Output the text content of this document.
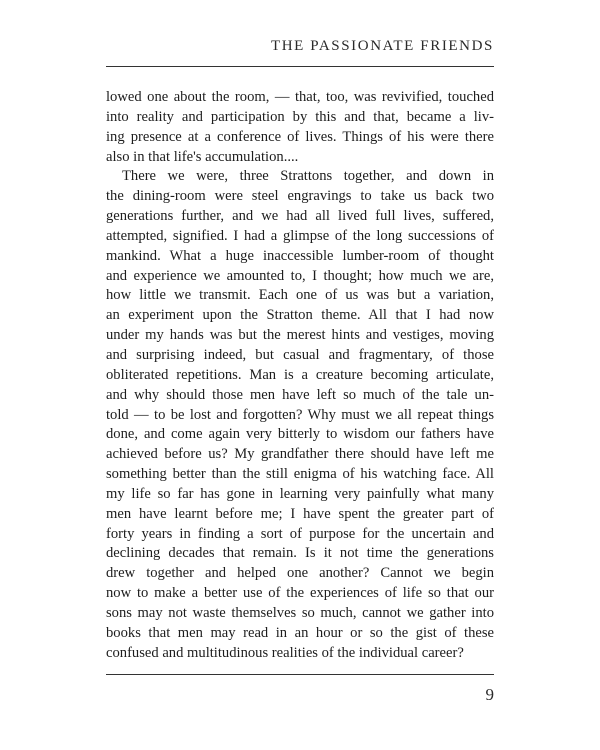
THE PASSIONATE FRIENDS
lowed one about the room, — that, too, was revivified, touched
into reality and participation by this and that, became a liv-
ing presence at a conference of lives. Things of his were there
also in that life's accumulation....
There we were, three Strattons together, and down in
the dining-room were steel engravings to take us back two
generations further, and we had all lived full lives, suffered,
attempted, signified. I had a glimpse of the long successions of
mankind. What a huge inaccessible lumber-room of thought
and experience we amounted to, I thought; how much we are,
how little we transmit. Each one of us was but a variation,
an experiment upon the Stratton theme. All that I had now
under my hands was but the merest hints and vestiges, moving
and surprising indeed, but casual and fragmentary, of those
obliterated repetitions. Man is a creature becoming articulate,
and why should those men have left so much of the tale un-
told — to be lost and forgotten? Why must we all repeat things
done, and come again very bitterly to wisdom our fathers have
achieved before us? My grandfather there should have left me
something better than the still enigma of his watching face. All
my life so far has gone in learning very painfully what many
men have learnt before me; I have spent the greater part of
forty years in finding a sort of purpose for the uncertain and
declining decades that remain. Is it not time the generations
drew together and helped one another? Cannot we begin
now to make a better use of the experiences of life so that our
sons may not waste themselves so much, cannot we gather into
books that men may read in an hour or so the gist of these
confused and multitudinous realities of the individual career?
9
